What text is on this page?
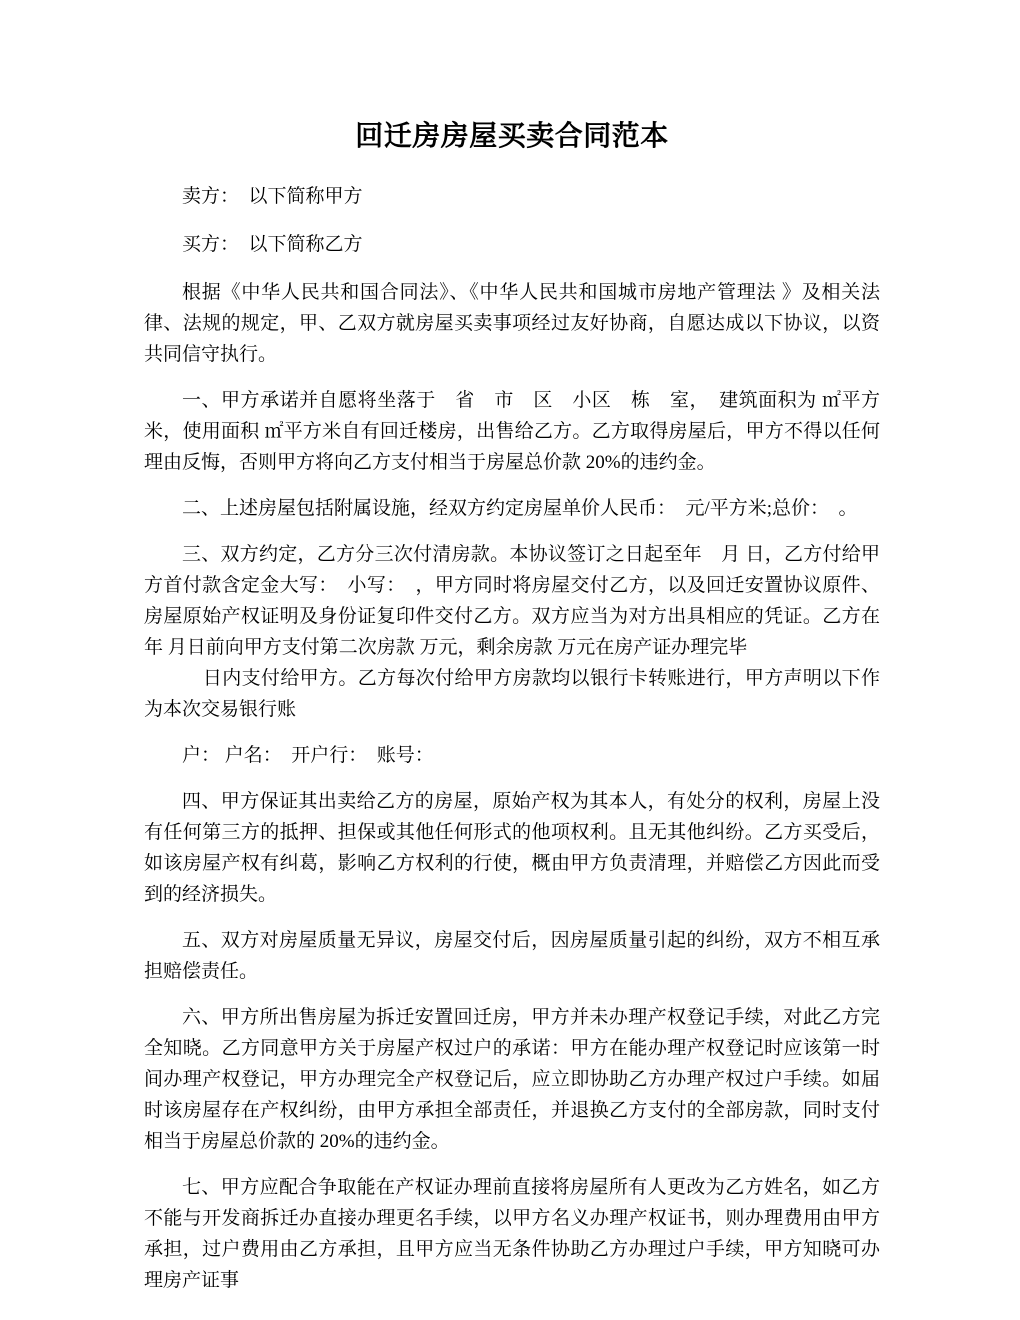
回迁房房屋买卖合同范本

卖方：　以下简称甲方

买方：　以下简称乙方

根据《中华人民共和国合同法》、《中华人民共和国城市房地产管理法 》及相关法律、法规的规定，甲、乙双方就房屋买卖事项经过友好协商，自愿达成以下协议，以资共同信守执行。

一、甲方承诺并自愿将坐落于　省　市　区　小区　栋　室，　建筑面积为 ㎡平方米，使用面积 ㎡平方米自有回迁楼房，出售给乙方。乙方取得房屋后，甲方不得以任何理由反悔，否则甲方将向乙方支付相当于房屋总价款 20%的违约金。

二、上述房屋包括附属设施，经双方约定房屋单价人民币：　元/平方米;总价：　。

三、双方约定，乙方分三次付清房款。本协议签订之日起至年　月 日，乙方付给甲方首付款含定金大写：　小写：　，甲方同时将房屋交付乙方，以及回迁安置协议原件、房屋原始产权证明及身份证复印件交付乙方。双方应当为对方出具相应的凭证。乙方在　年 月日前向甲方支付第二次房款 万元，剩余房款 万元在房产证办理完毕

日内支付给甲方。乙方每次付给甲方房款均以银行卡转账进行，甲方声明以下作为本次交易银行账

户： 户名：　开户行：　账号：

四、甲方保证其出卖给乙方的房屋，原始产权为其本人，有处分的权利，房屋上没有任何第三方的抵押、担保或其他任何形式的他项权利。且无其他纠纷。乙方买受后，如该房屋产权有纠葛，影响乙方权利的行使，概由甲方负责清理，并赔偿乙方因此而受到的经济损失。

五、双方对房屋质量无异议，房屋交付后，因房屋质量引起的纠纷，双方不相互承担赔偿责任。

六、甲方所出售房屋为拆迁安置回迁房，甲方并未办理产权登记手续，对此乙方完全知晓。乙方同意甲方关于房屋产权过户的承诺：甲方在能办理产权登记时应该第一时间办理产权登记，甲方办理完全产权登记后，应立即协助乙方办理产权过户手续。如届时该房屋存在产权纠纷，由甲方承担全部责任，并退换乙方支付的全部房款，同时支付相当于房屋总价款的 20%的违约金。

七、甲方应配合争取能在产权证办理前直接将房屋所有人更改为乙方姓名，如乙方不能与开发商拆迁办直接办理更名手续，以甲方名义办理产权证书，则办理费用由甲方承担，过户费用由乙方承担，且甲方应当无条件协助乙方办理过户手续，甲方知晓可办理房产证事
